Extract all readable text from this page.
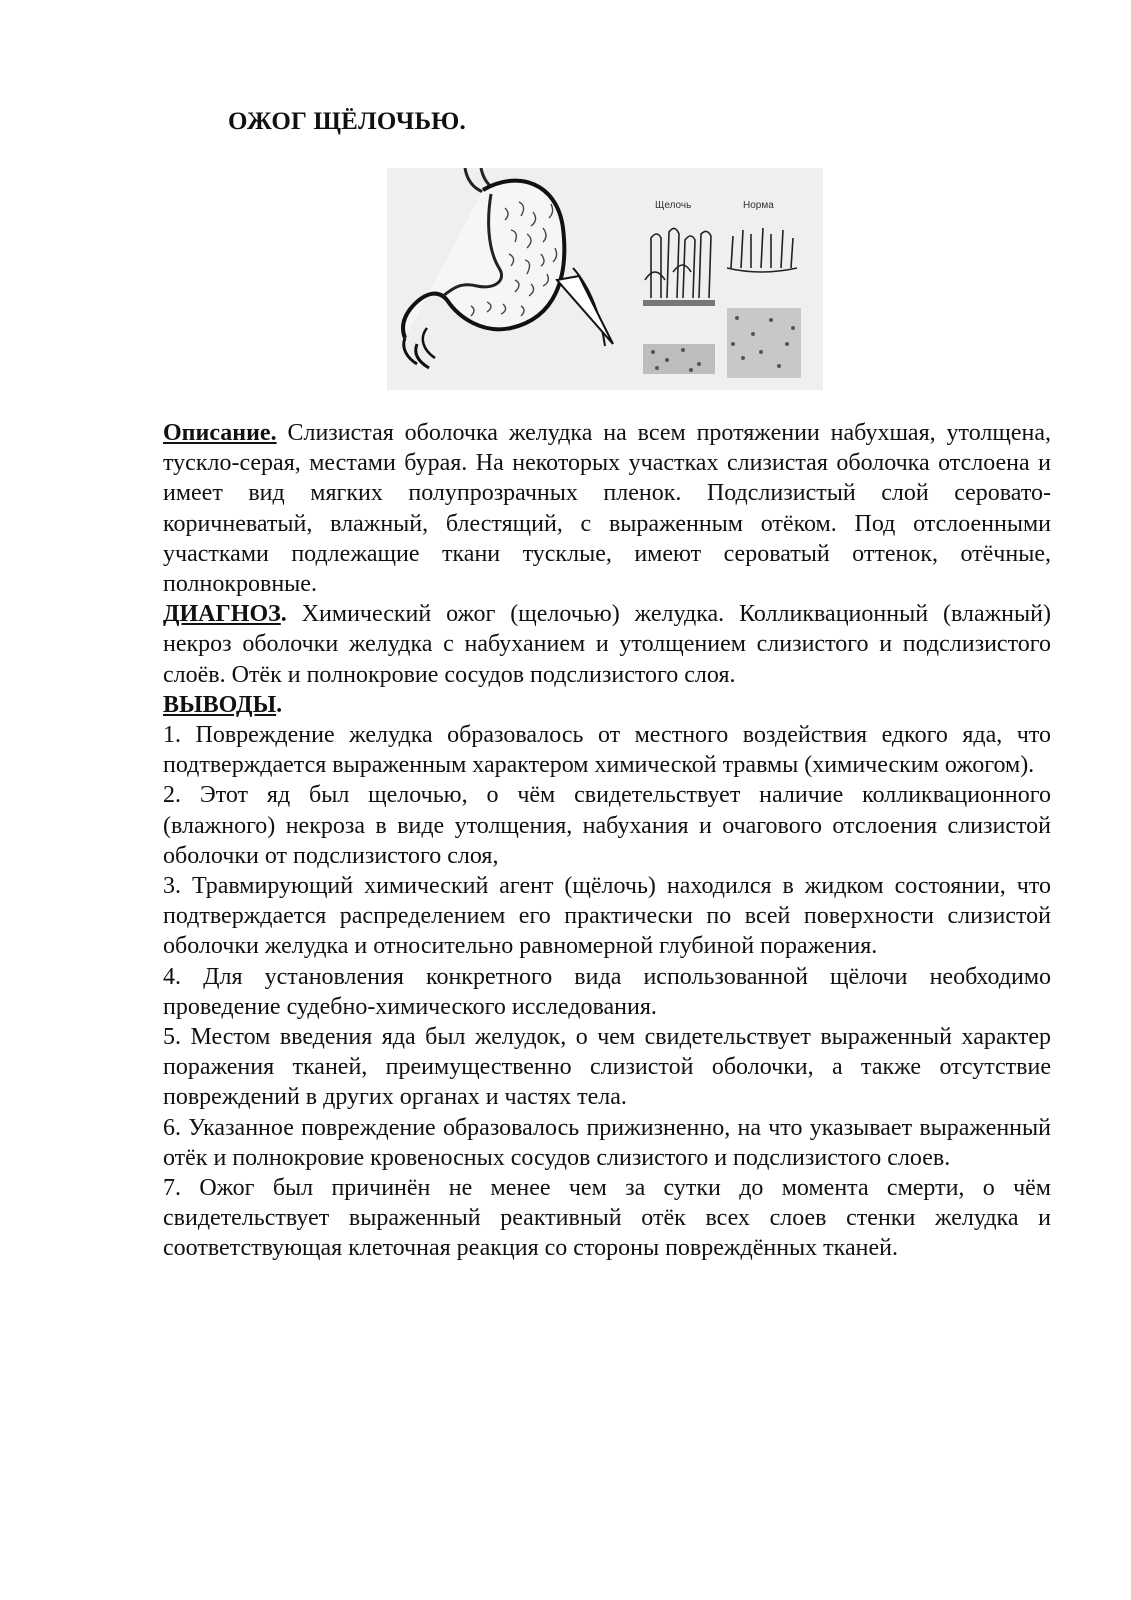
ОЖОГ ЩЁЛОЧЬЮ.
Щелочь	Норма

Описание. Слизистая оболочка желудка на всем протяжении набухшая, утолщена, тускло-серая, местами бурая. На некоторых участках слизистая оболочка отслоена и имеет вид мягких полупрозрачных пленок. Подслизистый слой серовато-коричневатый, влажный, блестящий, с выраженным отёком. Под отслоенными участками подлежащие ткани тусклые, имеют сероватый оттенок, отёчные, полнокровные.

ДИАГНОЗ. Химический ожог (щелочью) желудка. Колликвационный (влажный) некроз оболочки желудка с набуханием и утолщением слизистого и подслизистого слоёв. Отёк и полнокровие сосудов подслизистого слоя.

ВЫВОДЫ.

1. Повреждение желудка образовалось от местного воздействия едкого яда, что подтверждается выраженным характером химической травмы (химическим ожогом).

2. Этот яд был щелочью, о чём свидетельствует наличие колликвационного (влажного) некроза в виде утолщения, набухания и очагового отслоения слизистой оболочки от подслизистого слоя,

3. Травмирующий химический агент (щёлочь) находился в жидком состоянии, что подтверждается распределением его практически по всей поверхности слизистой оболочки желудка и относительно равномерной глубиной поражения.

4. Для установления конкретного вида использованной щёлочи необходимо проведение судебно-химического исследования.

5. Местом введения яда был желудок, о чем свидетельствует выраженный характер поражения тканей, преимущественно слизистой оболочки, а также отсутствие повреждений в других органах и частях тела.

6. Указанное повреждение образовалось прижизненно, на что указывает выраженный отёк и полнокровие кровеносных сосудов слизистого и подслизистого слоев.

7. Ожог был причинён не менее чем за сутки до момента смерти, о чём свидетельствует выраженный реактивный отёк всех слоев стенки желудка и соответствующая клеточная реакция со стороны повреждённых тканей.
